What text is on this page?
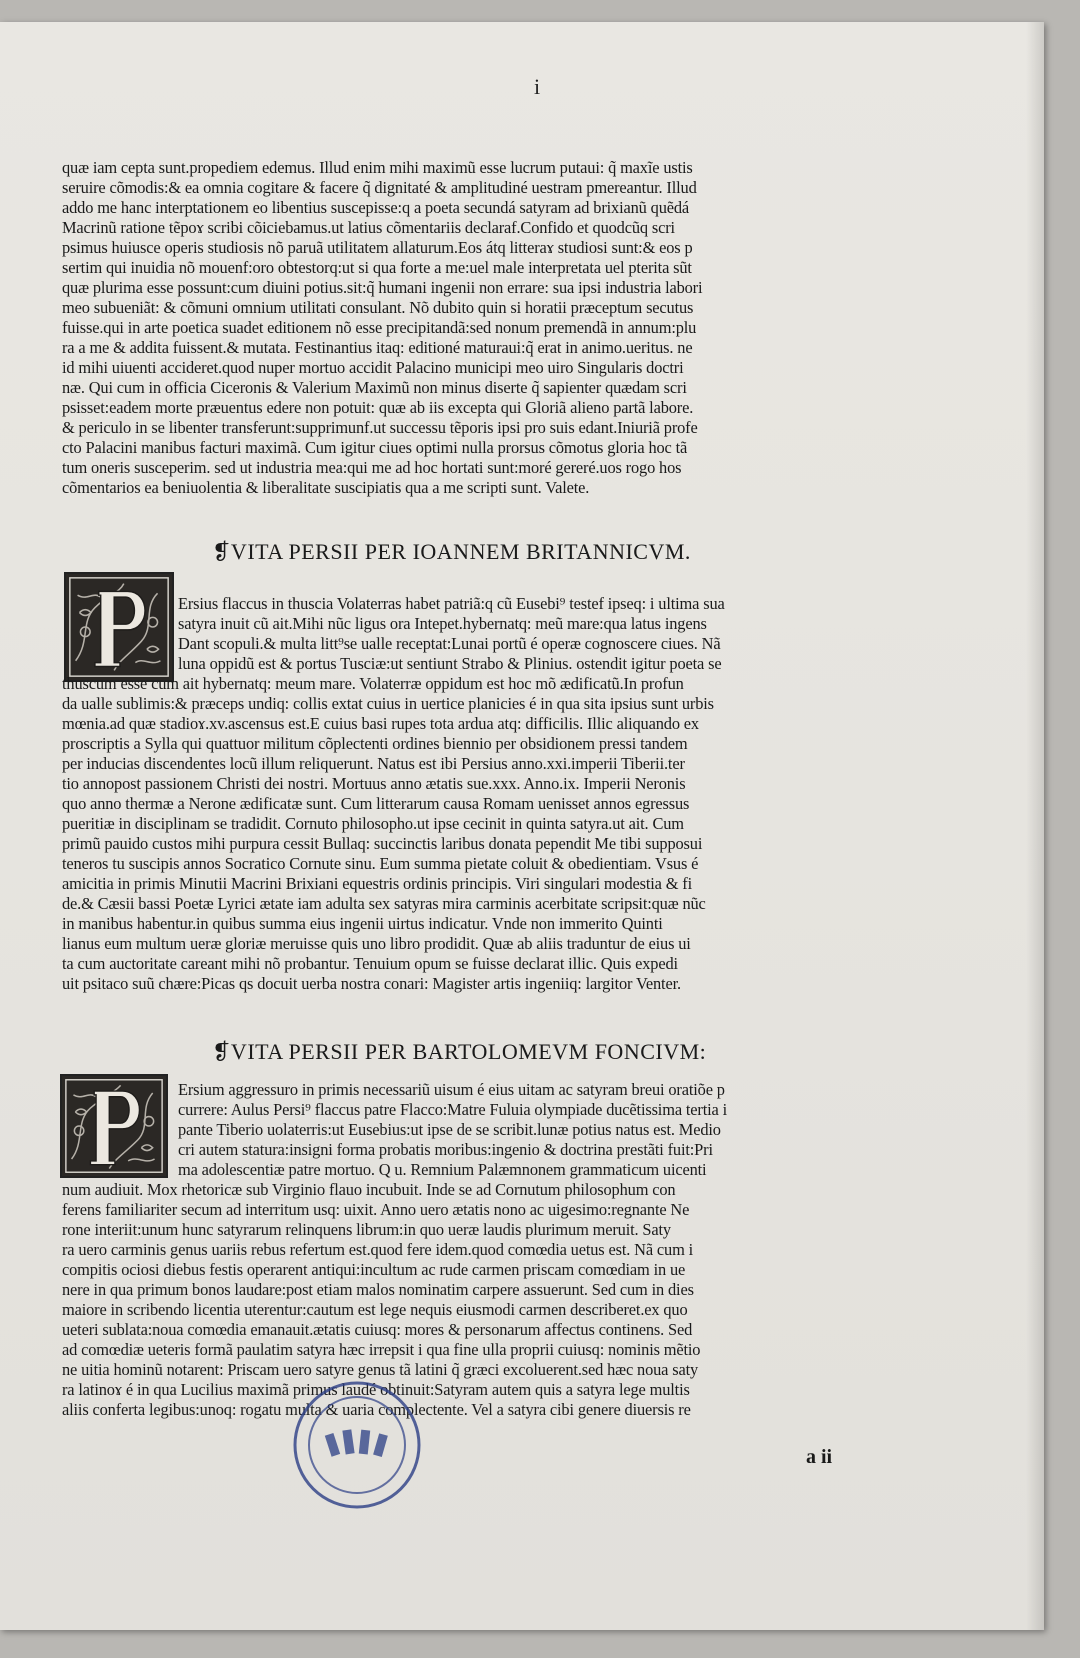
i
quæ iam cepta sunt.propediem edemus. Illud enim mihi maximũ esse lucrum putaui: q̃ maxĩe ustis
seruire cõmodis:& ea omnia cogitare & facere q̃ dignitaté & amplitudiné uestram pmereantur. Illud
addo me hanc interptationem eo libentius suscepisse:q a poeta secundá satyram ad brixianũ quẽdá
Macrinũ ratione tẽpoɤ scribi cõiciebamus.ut latius cõmentariis declaraf.Confido et quodcũq scri
psimus huiusce operis studiosis nõ paruã utilitatem allaturum.Eos átq litteraɤ studiosi sunt:& eos p
sertim qui inuidia nõ mouenf:oro obtestorq:ut si qua forte a me:uel male interpretata uel pterita sũt
quæ plurima esse possunt:cum diuini potius.sit:q̃ humani ingenii non errare: sua ipsi industria labori
meo subueniãt: & cõmuni omnium utilitati consulant. Nõ dubito quin si horatii præceptum secutus
fuisse.qui in arte poetica suadet editionem nõ esse precipitandã:sed nonum premendã in annum:plu
ra a me & addita fuissent.& mutata. Festinantius itaq: editioné maturaui:q̃ erat in animo.ueritus. ne
id mihi uiuenti accideret.quod nuper mortuo accidit Palacino municipi meo uiro Singularis doctri
næ. Qui cum in officia Ciceronis & Valerium Maximũ non minus diserte q̃ sapienter quædam scri
psisset:eadem morte præuentus edere non potuit: quæ ab iis excepta qui Gloriã alieno partã labore.
& periculo in se libenter transferunt:supprimunf.ut successu tẽporis ipsi pro suis edant.Iniuriã profe
cto Palacini manibus facturi maximã. Cum igitur ciues optimi nulla prorsus cõmotus gloria hoc tã
tum oneris susceperim. sed ut industria mea:qui me ad hoc hortati sunt:moré gereré.uos rogo hos
cõmentarios ea beniuolentia & liberalitate suscipiatis qua a me scripti sunt. Valete.
❡VITA PERSII PER IOANNEM BRITANNICVM.
Ersius flaccus in thuscia Volaterras habet patriã:q cũ Eusebi⁹ testef ipseq: i ultima sua
satyra inuit cũ ait.Mihi nũc ligus ora Intepet.hybernatq: meũ mare:qua latus ingens
Dant scopuli.& multa litt⁹se ualle receptat:Lunai portũ é operæ cognoscere ciues. Nã
luna oppidũ est & portus Tusciæ:ut sentiunt Strabo & Plinius. ostendit igitur poeta se
thuscum esse cum ait hybernatq: meum mare. Volaterræ oppidum est hoc mõ ædificatũ.In profun
da ualle sublimis:& præceps undiq: collis extat cuius in uertice planicies é in qua sita ipsius sunt urbis
mœnia.ad quæ stadioɤ.xv.ascensus est.E cuius basi rupes tota ardua atq: difficilis. Illic aliquando ex
proscriptis a Sylla qui quattuor militum cõplectenti ordines biennio per obsidionem pressi tandem
per inducias discendentes locũ illum reliquerunt. Natus est ibi Persius anno.xxi.imperii Tiberii.ter
tio annopost passionem Christi dei nostri. Mortuus anno ætatis sue.xxx. Anno.ix. Imperii Neronis
quo anno thermæ a Nerone ædificatæ sunt. Cum litterarum causa Romam uenisset annos egressus
pueritiæ in disciplinam se tradidit. Cornuto philosopho.ut ipse cecinit in quinta satyra.ut ait. Cum
primũ pauido custos mihi purpura cessit Bullaq: succinctis laribus donata pependit Me tibi supposui
teneros tu suscipis annos Socratico Cornute sinu. Eum summa pietate coluit & obedientiam. Vsus é
amicitia in primis Minutii Macrini Brixiani equestris ordinis principis. Viri singulari modestia & fi
de.& Cæsii bassi Poetæ Lyrici ætate iam adulta sex satyras mira carminis acerbitate scripsit:quæ nũc
in manibus habentur.in quibus summa eius ingenii uirtus indicatur. Vnde non immerito Quinti
lianus eum multum ueræ gloriæ meruisse quis uno libro prodidit. Quæ ab aliis traduntur de eius ui
ta cum auctoritate careant mihi nõ probantur. Tenuium opum se fuisse declarat illic. Quis expedi
uit psitaco suũ chære:Picas qs docuit uerba nostra conari: Magister artis ingeniiq: largitor Venter.
❡VITA PERSII PER BARTOLOMEVM FONCIVM:
Ersium aggressuro in primis necessariũ uisum é eius uitam ac satyram breui oratiõe p
currere: Aulus Persi⁹ flaccus patre Flacco:Matre Fuluia olympiade ducẽtissima tertia i
pante Tiberio uolaterris:ut Eusebius:ut ipse de se scribit.lunæ potius natus est. Medio
cri autem statura:insigni forma probatis moribus:ingenio & doctrina prestãti fuit:Pri
ma adolescentiæ patre mortuo. Q u. Remnium Palæmnonem grammaticum uicenti
num audiuit. Mox rhetoricæ sub Virginio flauo incubuit. Inde se ad Cornutum philosophum con
ferens familiariter secum ad interritum usq: uixit. Anno uero ætatis nono ac uigesimo:regnante Ne
rone interiit:unum hunc satyrarum relinquens librum:in quo ueræ laudis plurimum meruit. Saty
ra uero carminis genus uariis rebus refertum est.quod fere idem.quod comœdia uetus est. Nã cum i
compitis ociosi diebus festis operarent antiqui:incultum ac rude carmen priscam comœdiam in ue
nere in qua primum bonos laudare:post etiam malos nominatim carpere assuerunt. Sed cum in dies
maiore in scribendo licentia uterentur:cautum est lege nequis eiusmodi carmen describeret.ex quo
ueteri sublata:noua comœdia emanauit.ætatis cuiusq: mores & personarum affectus continens. Sed
ad comœdiæ ueteris formã paulatim satyra hæc irrepsit i qua fine ulla proprii cuiusq: nominis mẽtio
ne uitia hominũ notarent: Priscam uero satyre genus tã latini q̃ græci excoluerent.sed hæc noua saty
ra latinoɤ é in qua Lucilius maximã primus laudé obtinuit:Satyram autem quis a satyra lege multis
aliis conferta legibus:unoq: rogatu multa & uaria complectente. Vel a satyra cibi genere diuersis re
a ii
